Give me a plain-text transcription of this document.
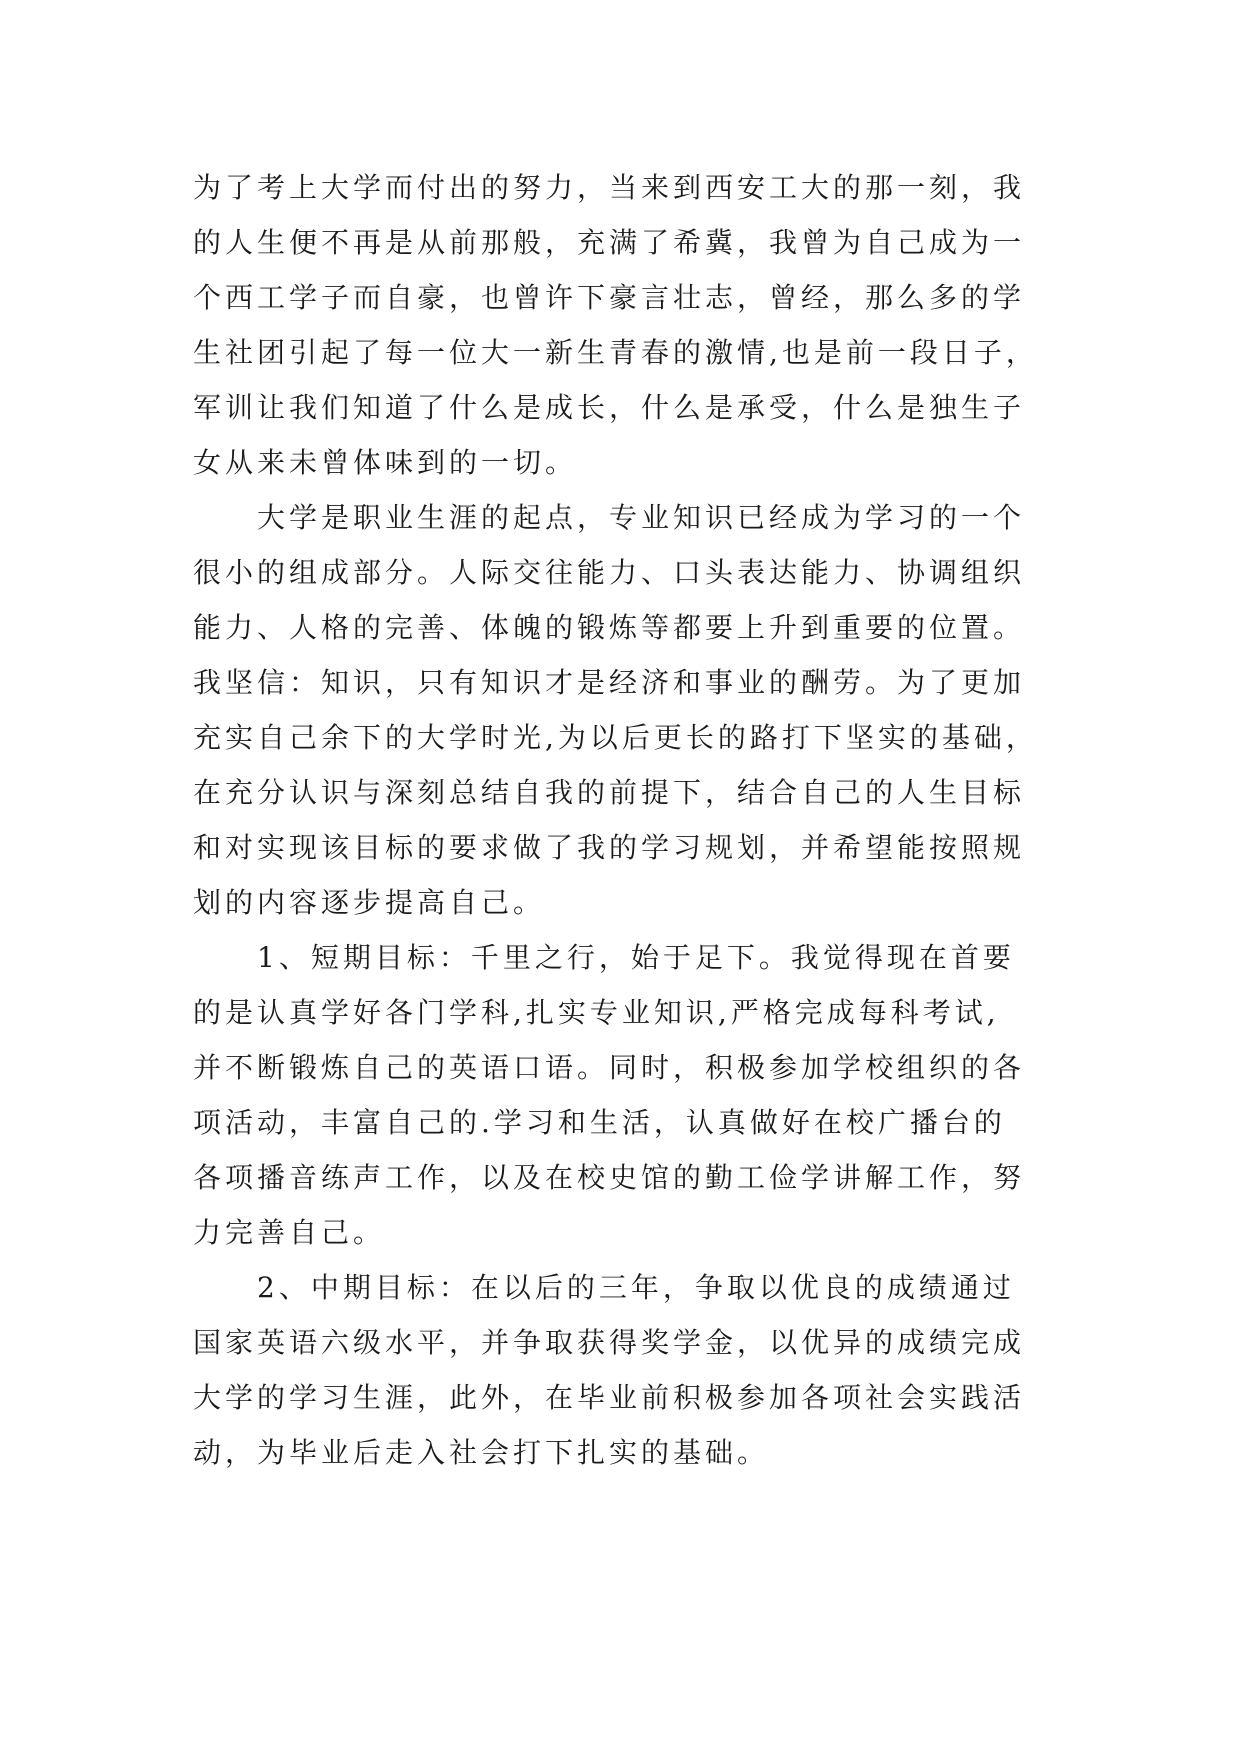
为了考上大学而付出的努力，当来到西安工大的那一刻，我
的人生便不再是从前那般，充满了希冀，我曾为自己成为一
个西工学子而自豪，也曾许下豪言壮志，曾经，那么多的学
生社团引起了每一位大一新生青春的激情,也是前一段日子，
军训让我们知道了什么是成长，什么是承受，什么是独生子
女从来未曾体味到的一切。

大学是职业生涯的起点，专业知识已经成为学习的一个
很小的组成部分。人际交往能力、口头表达能力、协调组织
能力、人格的完善、体魄的锻炼等都要上升到重要的位置。
我坚信：知识，只有知识才是经济和事业的酬劳。为了更加
充实自己余下的大学时光,为以后更长的路打下坚实的基础，
在充分认识与深刻总结自我的前提下，结合自己的人生目标
和对实现该目标的要求做了我的学习规划，并希望能按照规
划的内容逐步提高自己。

1、短期目标：千里之行，始于足下。我觉得现在首要
的是认真学好各门学科,扎实专业知识,严格完成每科考试,
并不断锻炼自己的英语口语。同时，积极参加学校组织的各
项活动，丰富自己的.学习和生活，认真做好在校广播台的
各项播音练声工作，以及在校史馆的勤工俭学讲解工作，努
力完善自己。

2、中期目标：在以后的三年，争取以优良的成绩通过
国家英语六级水平，并争取获得奖学金，以优异的成绩完成
大学的学习生涯，此外，在毕业前积极参加各项社会实践活
动，为毕业后走入社会打下扎实的基础。
